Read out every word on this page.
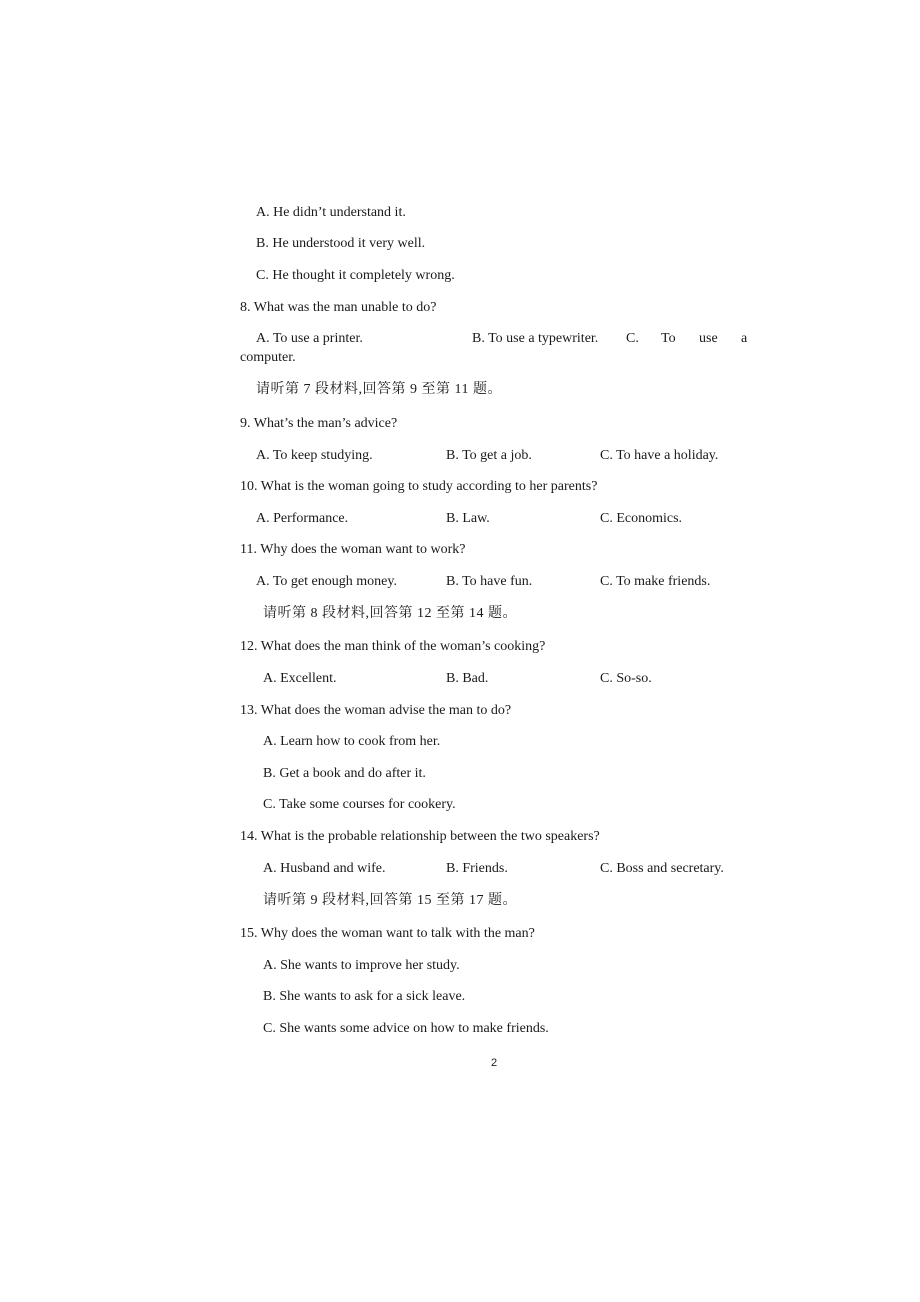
A. He didn’t understand it.
B. He understood it very well.
C. He thought it completely wrong.
8. What was the man unable to do?
A. To use a printer.	B. To use a typewriter. C. To use a
computer.
请听第 7 段材料,回答第 9 至第 11 题。
9. What’s the man’s advice?
A. To keep studying.	B. To get a job.	C. To have a holiday.
10. What is the woman going to study according to her parents?
A. Performance.	B. Law.	C. Economics.
11. Why does the woman want to work?
A. To get enough money.	B. To have fun.	C. To make friends.
请听第 8 段材料,回答第 12 至第 14 题。
12. What does the man think of the woman’s cooking?
A. Excellent.	B. Bad.	C. So-so.
13. What does the woman advise the man to do?
A. Learn how to cook from her.
B. Get a book and do after it.
C. Take some courses for cookery.
14. What is the probable relationship between the two speakers?
A. Husband and wife.	B. Friends.	C. Boss and secretary.
请听第 9 段材料,回答第 15 至第 17 题。
15. Why does the woman want to talk with the man?
A. She wants to improve her study.
B. She wants to ask for a sick leave.
C. She wants some advice on how to make friends.
2
